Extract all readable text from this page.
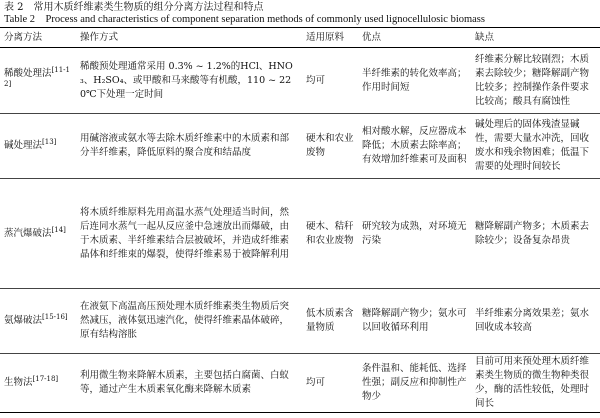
表 2　常用木质纤维素类生物质的组分分离方法过程和特点
Table 2　Process and characteristics of component separation methods of commonly used lignocellulosic biomass
分离方法	操作方式	适用原料	优点	缺点
稀酸处理法[11-12]	稀酸预处理通常采用 0.3% ~ 1.2%的HCl、HNO₃、H₂SO₄、或甲酸和马来酸等有机酸，110 ~ 220℃下处理一定时间	均可	半纤维素的转化效率高；作用时间短	纤维素分解比较剧烈；木质素去除较少；糖降解副产物比较多；控制操作条件要求比较高；酸具有腐蚀性
碱处理法[13]	用碱溶液或氨水等去除木质纤维素中的木质素和部分半纤维素，降低原料的聚合度和结晶度	硬木和农业废物	相对酸水解，反应器成本降低；木质素去除率高；有效增加纤维素可及面积	碱处理后的固体残渣显碱性，需要大量水冲洗，回收废水和残余物困难；低温下需要的处理时间较长
蒸汽爆破法[14]	将木质纤维原料先用高温水蒸气处理适当时间，然后连同水蒸气一起从反应釜中急速放出而爆破，由于木质素、半纤维素结合层被破坏，并造成纤维素晶体和纤维束的爆裂，使得纤维素易于被降解利用	硬木、秸秆和农业废物	研究较为成熟，对环境无污染	糖降解副产物多；木质素去除较少；设备复杂昂贵
氨爆破法[15-16]	在液氨下高温高压预处理木质纤维素类生物质后突然减压，液体氨迅速汽化，使得纤维素晶体破碎，原有结构溶胀	低木质素含量物质	糖降解副产物少；氨水可以回收循环利用	半纤维素分离效果差；氨水回收成本较高
生物法[17-18]	利用微生物来降解木质素，主要包括白腐菌、白蚁等，通过产生木质素氧化酶来降解木质素	均可	条件温和、能耗低、选择性强；副反应和抑制性产物少	目前可用来预处理木质纤维素类生物质的微生物种类很少，酶的活性较低，处理时间长
